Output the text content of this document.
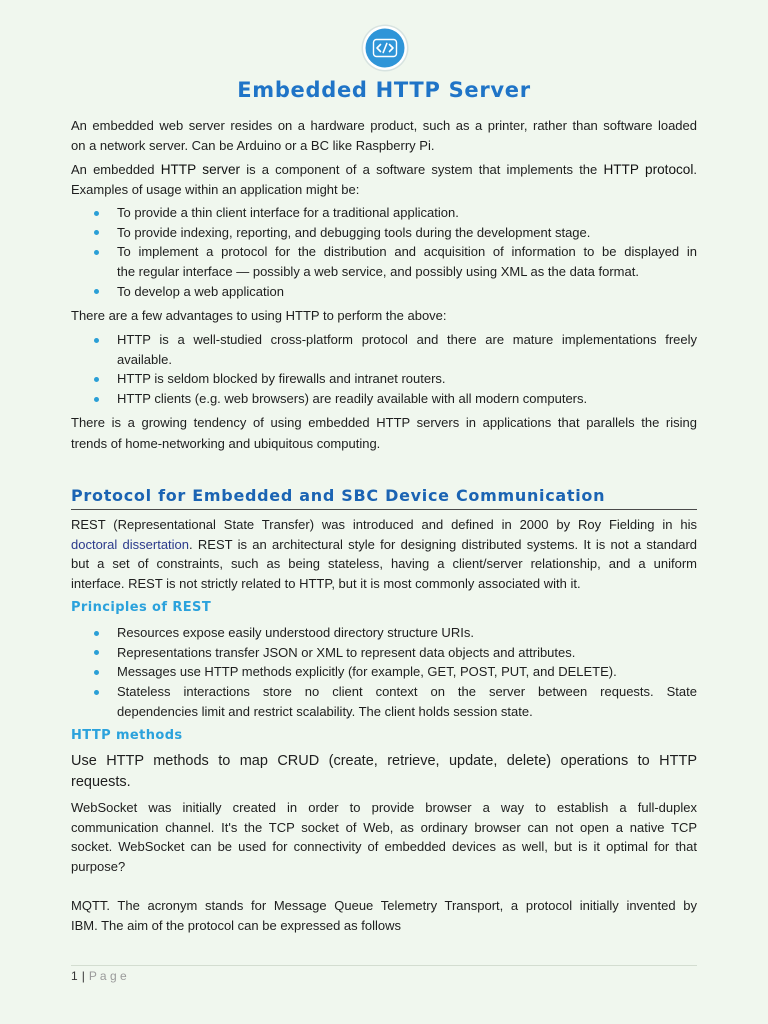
Embedded HTTP Server

An embedded web server resides on a hardware product, such as a printer, rather than software loaded
on a network server. Can be Arduino or a BC like Raspberry Pi.

An embedded HTTP server is a component of a software system that implements the HTTP protocol.
Examples of usage within an application might be:

To provide a thin client interface for a traditional application.
To provide indexing, reporting, and debugging tools during the development stage.
To implement a protocol for the distribution and acquisition of information to be displayed in
the regular interface — possibly a web service, and possibly using XML as the data format.
To develop a web application

There are a few advantages to using HTTP to perform the above:

HTTP is a well-studied cross-platform protocol and there are mature implementations freely
available.
HTTP is seldom blocked by firewalls and intranet routers.
HTTP clients (e.g. web browsers) are readily available with all modern computers.

There is a growing tendency of using embedded HTTP servers in applications that parallels the rising
trends of home-networking and ubiquitous computing.

Protocol for Embedded and SBC Device Communication

REST (Representational State Transfer) was introduced and defined in 2000 by Roy Fielding in his
doctoral dissertation. REST is an architectural style for designing distributed systems. It is not a standard
but a set of constraints, such as being stateless, having a client/server relationship, and a uniform
interface. REST is not strictly related to HTTP, but it is most commonly associated with it.

Principles of REST
Resources expose easily understood directory structure URIs.
Representations transfer JSON or XML to represent data objects and attributes.
Messages use HTTP methods explicitly (for example, GET, POST, PUT, and DELETE).
Stateless interactions store no client context on the server between requests. State
dependencies limit and restrict scalability. The client holds session state.
HTTP methods

Use HTTP methods to map CRUD (create, retrieve, update, delete) operations to HTTP
requests.

WebSocket was initially created in order to provide browser a way to establish a full-duplex
communication channel. It's the TCP socket of Web, as ordinary browser can not open a native TCP
socket. WebSocket can be used for connectivity of embedded devices as well, but is it optimal for that
purpose?

MQTT. The acronym stands for Message Queue Telemetry Transport, a protocol initially invented by
IBM. The aim of the protocol can be expressed as follows

1 | P a g e
